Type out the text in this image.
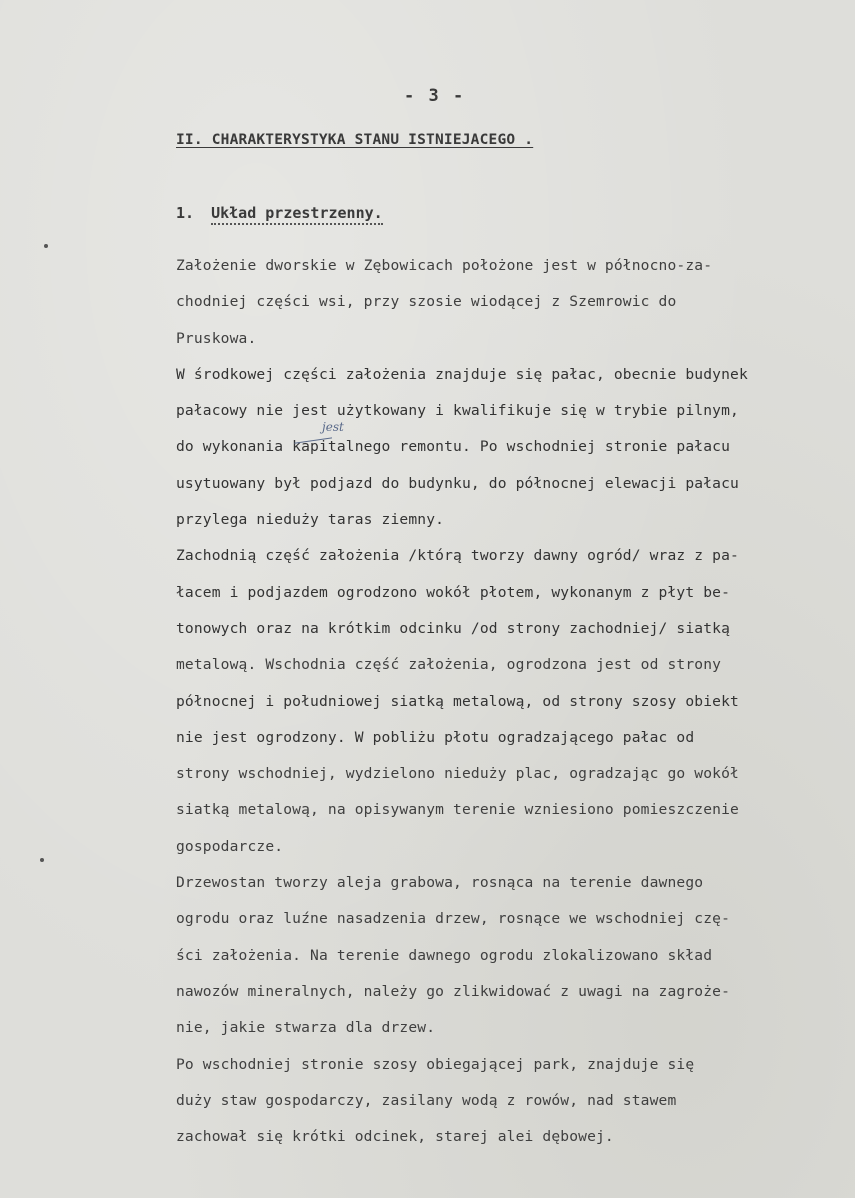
- 3 -
II. CHARAKTERYSTYKA STANU ISTNIEJACEGO .
1. Układ przestrzenny.
Założenie dworskie w Zębowicach położone jest w północno-za-
chodniej części wsi, przy szosie wiodącej z Szemrowic do
Pruskowa.
W środkowej części założenia znajduje się pałac, obecnie budynek
pałacowy nie jest użytkowany i kwalifikuje się w trybie pilnym,
do wykonania kapitalnego remontu. Po wschodniej stronie pałacu
usytuowany był podjazd do budynku, do północnej elewacji pałacu
przylega nieduży taras ziemny.
Zachodnią część założenia /którą tworzy dawny ogród/ wraz z pa-
łacem i podjazdem ogrodzono wokół płotem, wykonanym z płyt be-
tonowych oraz na krótkim odcinku /od strony zachodniej/ siatką
metalową. Wschodnia część założenia, ogrodzona jest od strony
północnej i południowej siatką metalową, od strony szosy obiekt
nie jest ogrodzony. W pobliżu płotu ogradzającego pałac od
strony wschodniej, wydzielono nieduży plac, ogradzając go wokół
siatką metalową, na opisywanym terenie wzniesiono pomieszczenie
gospodarcze.
Drzewostan tworzy aleja grabowa, rosnąca na terenie dawnego
ogrodu oraz luźne nasadzenia drzew, rosnące we wschodniej czę-
ści założenia. Na terenie dawnego ogrodu zlokalizowano skład
nawozów mineralnych, należy go zlikwidować z uwagi na zagroże-
nie, jakie stwarza dla drzew.
Po wschodniej stronie szosy obiegającej park, znajduje się
duży staw gospodarczy, zasilany wodą z rowów, nad stawem
zachował się krótki odcinek, starej alei dębowej.
jest
